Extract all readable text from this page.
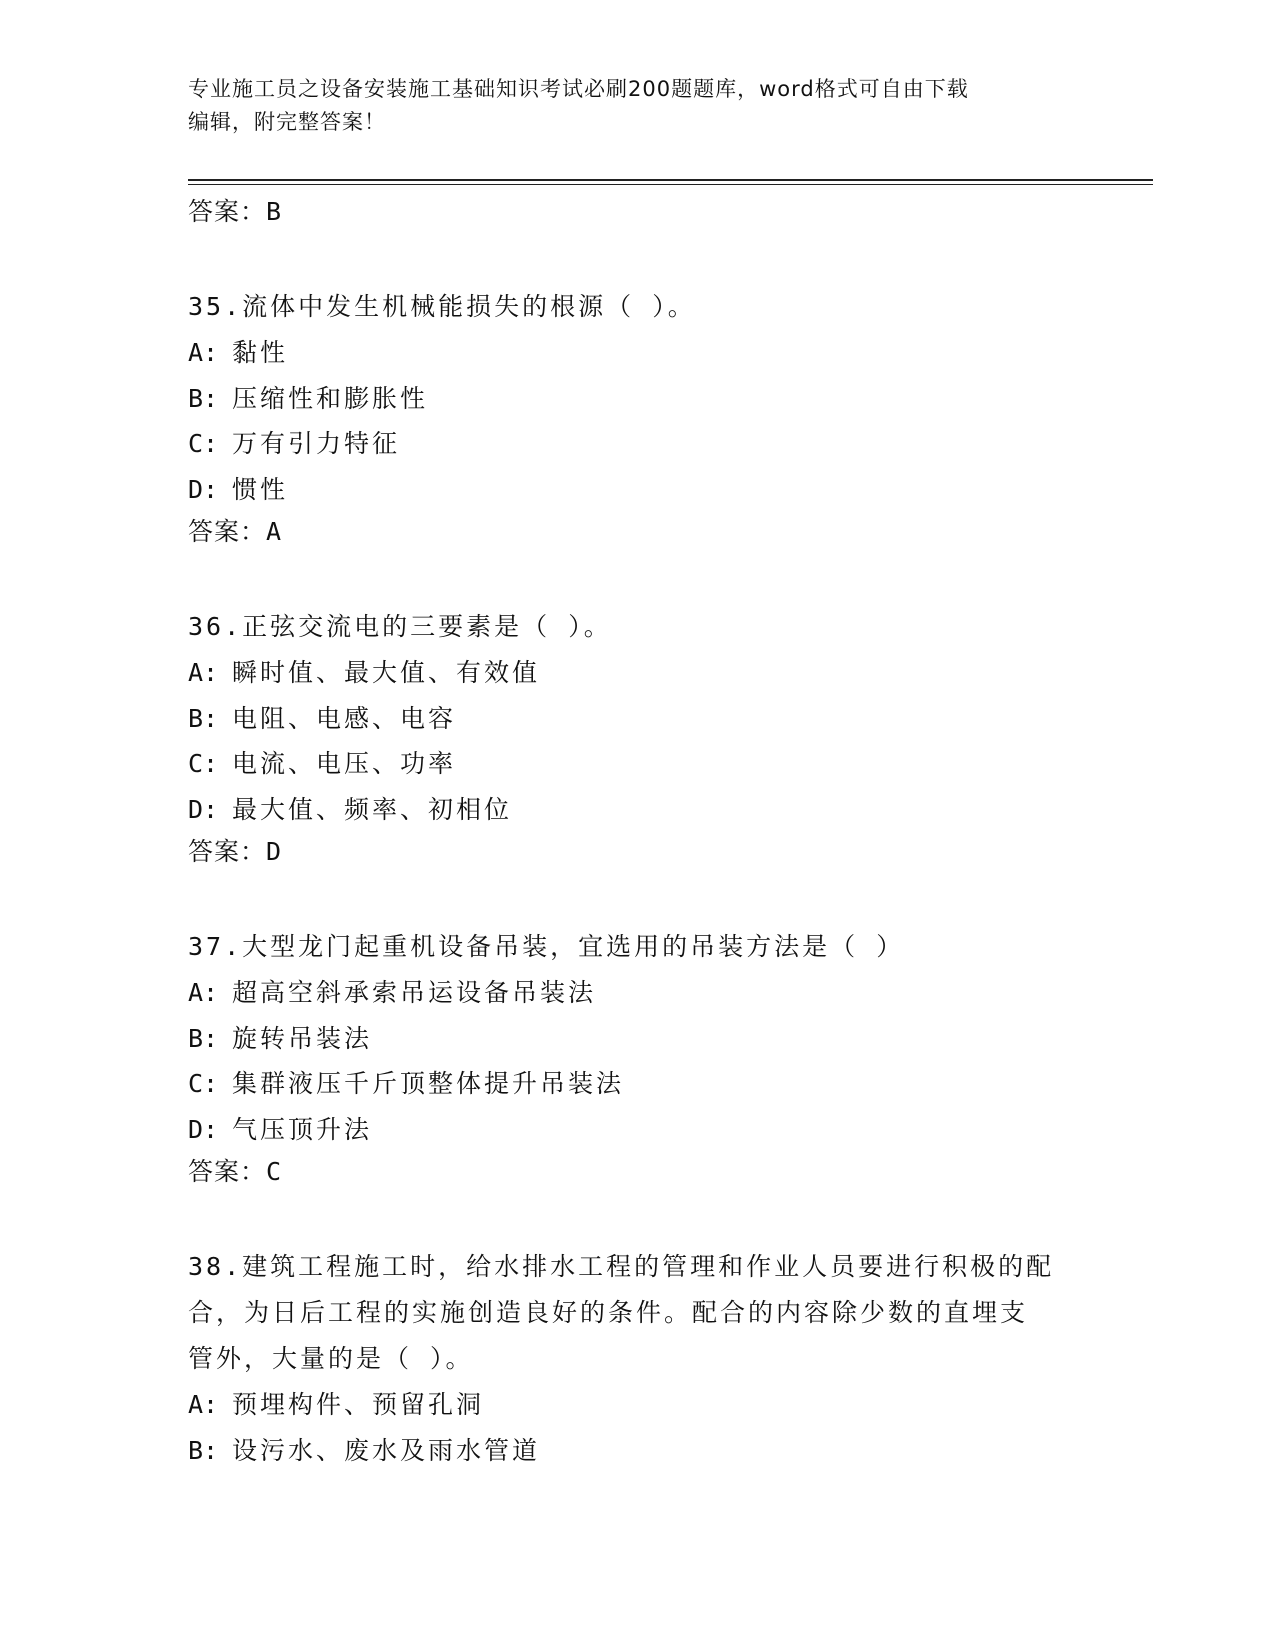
专业施工员之设备安装施工基础知识考试必刷200题题库，word格式可自由下载
编辑，附完整答案！
答案：B
35.流体中发生机械能损失的根源（ ）。
A: 黏性
B: 压缩性和膨胀性
C: 万有引力特征
D: 惯性
答案：A
36.正弦交流电的三要素是（ ）。
A: 瞬时值、最大值、有效值
B: 电阻、电感、电容
C: 电流、电压、功率
D: 最大值、频率、初相位
答案：D
37.大型龙门起重机设备吊装，宜选用的吊装方法是（ ）
A: 超高空斜承索吊运设备吊装法
B: 旋转吊装法
C: 集群液压千斤顶整体提升吊装法
D: 气压顶升法
答案：C
38.建筑工程施工时，给水排水工程的管理和作业人员要进行积极的配
合，为日后工程的实施创造良好的条件。配合的内容除少数的直埋支
管外，大量的是（ ）。
A: 预埋构件、预留孔洞
B: 设污水、废水及雨水管道
